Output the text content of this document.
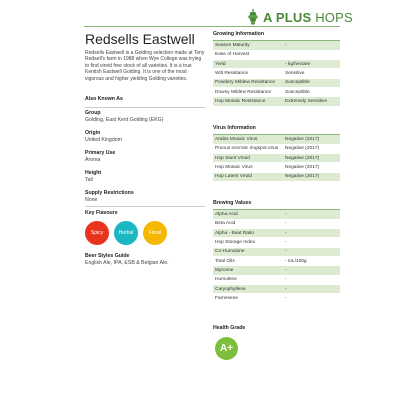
A PLUS HOPS
Redsells Eastwell
Redsells Eastwell is a Golding selection made at Tony Redsell's farm in 1988 when Wye College was trying to find viroid free stock of all varieties. It is a true Kentish Eastwell Golding. It is one of the most vigorous and higher yielding Golding varieties.
Also Known As
Group
Golding, East Kent Golding (EKG)
Origin
United Kingdom
Primary Use
Aroma
Height
Tall
Supply Restrictions
None
Key Flavours
Spicy	Herbal	Floral
Beer Styles Guide
English Ale, IPA, ESB & Belgian Ale.
Growing Information
Season Maturity	-
Ease of Harvest	
Yield	- kg/hectare
Wilt Resistance	Sensitive
Powdery Mildew Resistance	Susceptible
Downy Mildew Resistance	Susceptible
Hop Mosaic Resistance	Extremely Sensitive
Virus Information
Arabis Mosaic Virus	Negative (2017)
Prunus necrotic ringspot virus	Negative (2017)
Hop Stunt Viroid	Negative (2017)
Hop Mosaic Virus	Negative (2017)
Hop Latent Viroid	Negative (2017)
Brewing Values
Alpha Acid	-
Beta Acid	-
Alpha - Beat Ratio	-
Hop Storage Index	-
Co-Humulone	-
Total Oils	- mL/100g
Myrcene	-
Humulene	-
Caryophyllene	-
Farnesene	-
Health Grade
A+
